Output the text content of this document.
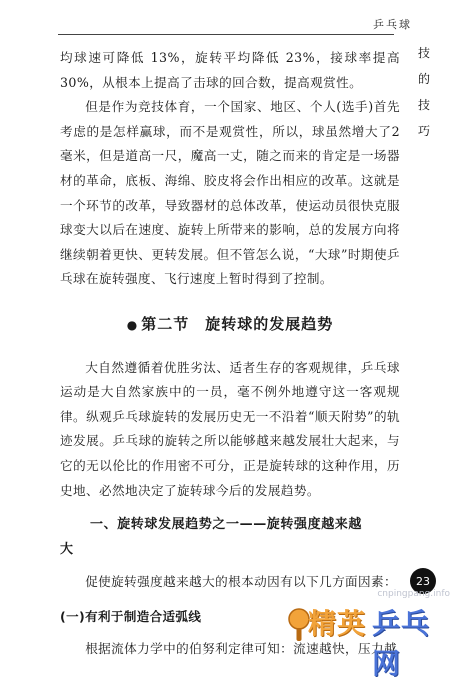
乒乓球
技
的
技
巧

均球速可降低 13%，旋转平均降低 23%，接球率提高30%，从根本上提高了击球的回合数，提高观赏性。

但是作为竞技体育，一个国家、地区、个人(选手)首先考虑的是怎样赢球，而不是观赏性，所以，球虽然增大了2毫米，但是道高一尺，魔高一丈，随之而来的肯定是一场器材的革命，底板、海绵、胶皮将会作出相应的改革。这就是一个环节的改革，导致器材的总体改革，使运动员很快克服球变大以后在速度、旋转上所带来的影响，总的发展方向将继续朝着更快、更转发展。但不管怎么说，“大球”时期使乒乓球在旋转强度、飞行速度上暂时得到了控制。

● 第二节 旋转球的发展趋势

大自然遵循着优胜劣汰、适者生存的客观规律，乒乓球运动是大自然家族中的一员，毫不例外地遵守这一客观规律。纵观乒乓球旋转的发展历史无一不沿着“顺天附势”的轨迹发展。乒乓球的旋转之所以能够越来越发展壮大起来，与它的无以伦比的作用密不可分，正是旋转球的这种作用，历史地、必然地决定了旋转球今后的发展趋势。

一、旋转球发展趋势之一——旋转强度越来越
大

促使旋转强度越来越大的根本动因有以下几方面因素：

(一)有利于制造合适弧线

根据流体力学中的伯努利定律可知：流速越快，压力越

23
cnpingpang.info
精英 乒乓网
